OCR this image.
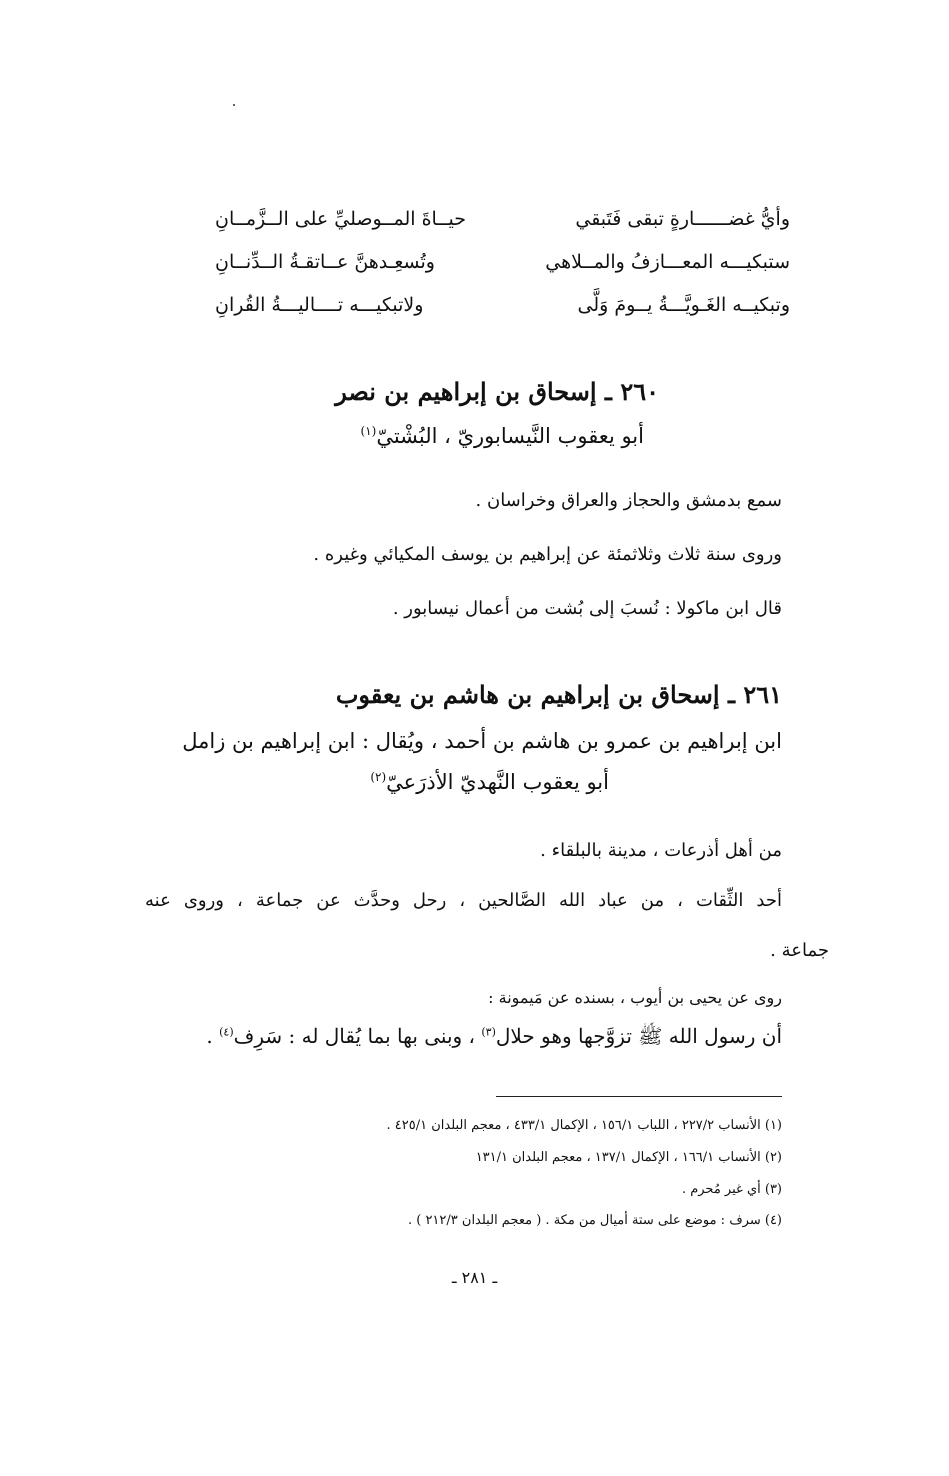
وأيُّ غضــــــارةٍ تبقى فَتَبقي
حيــاةَ المــوصليِّ على الــزَّمــانِ
ستبكيـــه المعـــازفُ والمــلاهي
وتُسعِـدهنَّ عــاتقـةُ الــدِّنــانِ
وتبكيــه الغَـويَّـــةُ يــومَ وَلَّى
ولاتبكيـــه تــــاليـــةُ القُرانِ
٢٦٠ ـ إسحاق بن إبراهيم بن نصر
أبو يعقوب النَّيسابوريّ ، البُشْتيّ$^{(١)}$
سمع بدمشق والحجاز والعراق وخراسان .
وروى سنة ثلاث وثلاثمئة عن إبراهيم بن يوسف المكيائي وغيره .
قال ابن ماكولا : نُسبَ إلى بُشت من أعمال نيسابور .
٢٦١ ـ إسحاق بن إبراهيم بن هاشم بن يعقوب
ابن إبراهيم بن عمرو بن هاشم بن أحمد ، ويُقال : ابن إبراهيم بن زامل
أبو يعقوب النَّهديّ الأذرَعيّ$^{(٢)}$
من أهل أذرعات ، مدينة بالبلقاء .
أحد الثِّقات ، من عباد الله الصَّالحين ، رحل وحدَّث عن جماعة ، وروى عنه
جماعة .
روى عن يحيى بن أيوب ، بسنده عن مَيمونة :
أن رسول الله ﷺ تزوَّجها وهو حلال$^{(٣)}$ ، وبنى بها بما يُقال له : سَرِف$^{(٤)}$ .
(١) الأنساب ٢٢٧/٢ ، اللباب ١٥٦/١ ، الإكمال ٤٣٣/١ ، معجم البلدان ٤٢٥/١ .
(٢) الأنساب ١٦٦/١ ، الإكمال ١٣٧/١ ، معجم البلدان ١٣١/١
(٣) أي غير مُحرم .
(٤) سرف : موضع على ستة أميال من مكة . ( معجم البلدان ٢١٢/٣ ) .
ـ ٢٨١ ـ
